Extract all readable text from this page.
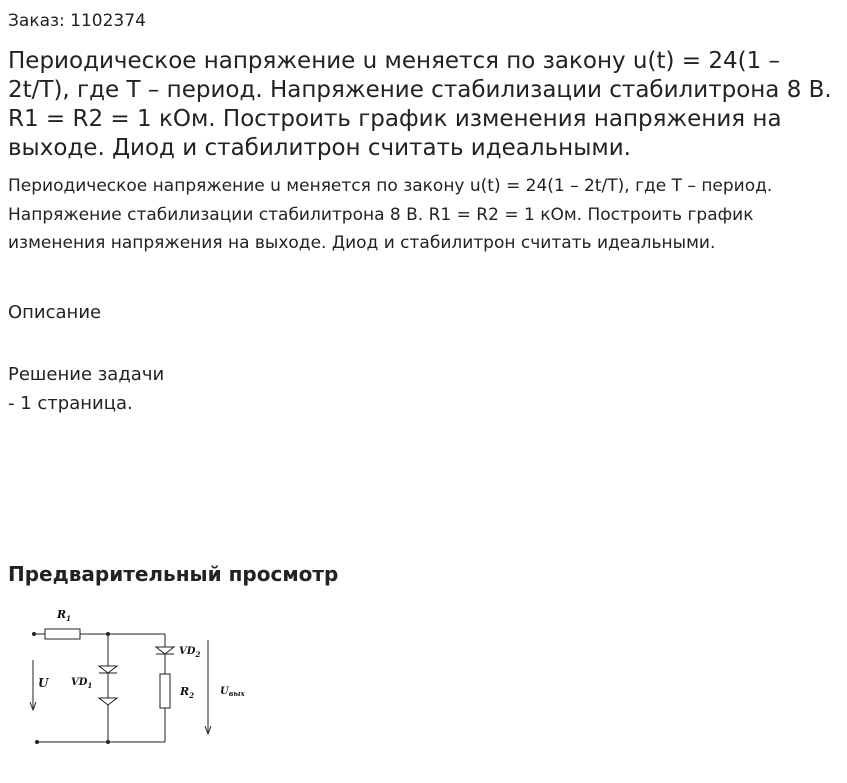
Заказ: 1102374
Периодическое напряжение u меняется по закону u(t) = 24(1 – 2t/T), где T – период. Напряжение стабилизации стабилитрона 8 В. R1 = R2 = 1 кОм. Построить график изменения напряжения на выходе. Диод и стабилитрон считать идеальными.

Периодическое напряжение u меняется по закону u(t) = 24(1 – 2t/T), где T – период. Напряжение стабилизации стабилитрона 8 В. R1 = R2 = 1 кОм. Построить график изменения напряжения на выходе. Диод и стабилитрон считать идеальными.

Описание
Решение задачи
- 1 страница.
Предварительный просмотр
$R_1$
$VD_2$
$VD_1$	$R_2$
U
$U_{вых}$
